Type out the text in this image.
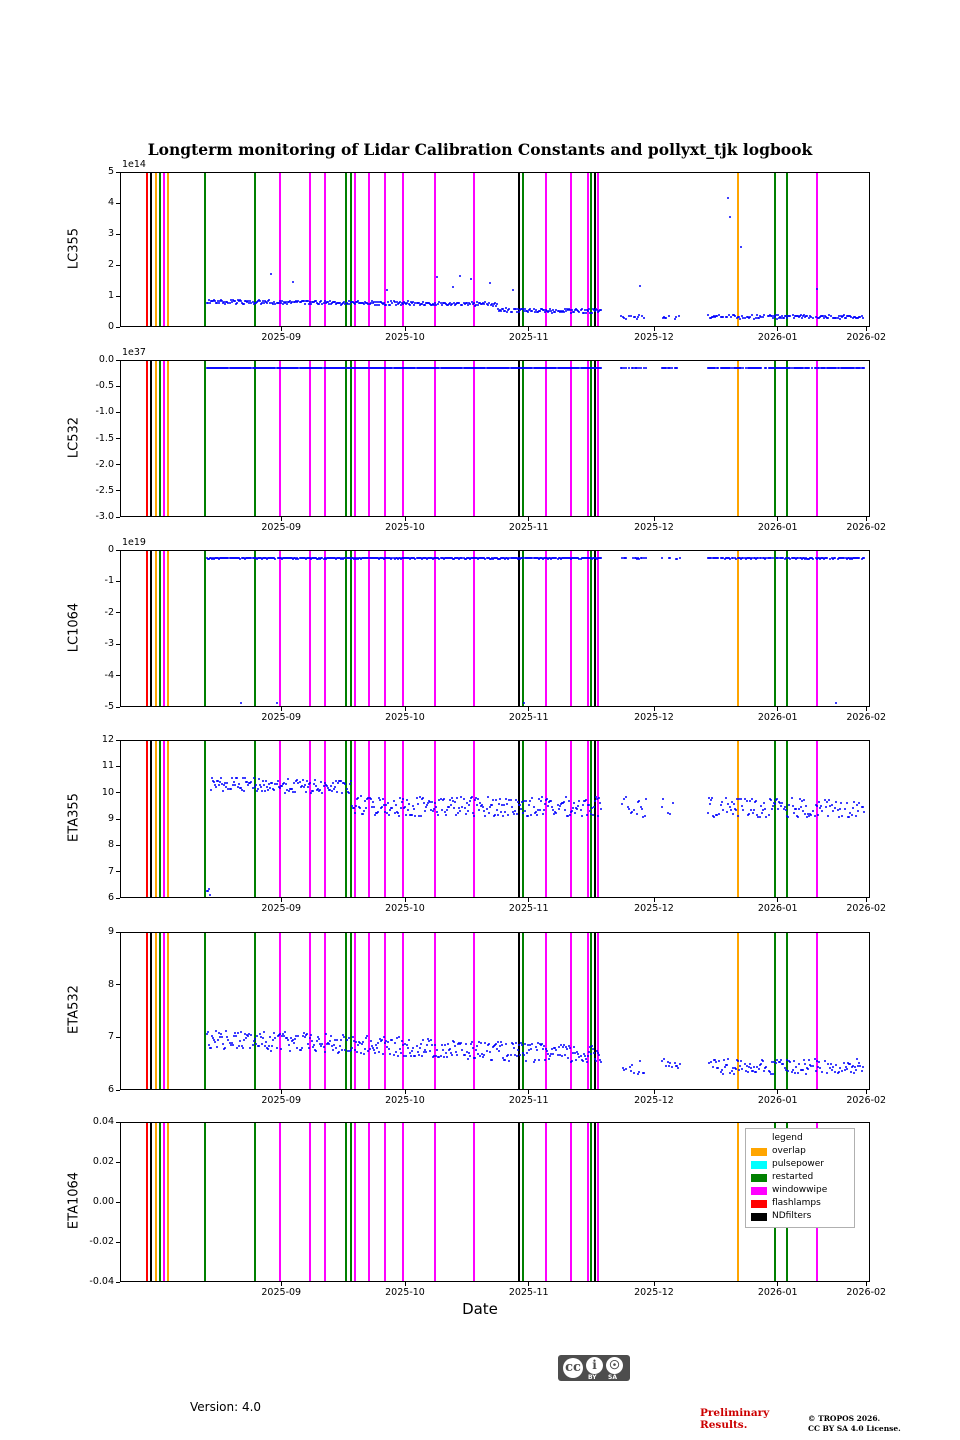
Longterm monitoring of Lidar Calibration Constants and pollyxt_tjk logbook
LC355
1e14
0
1
2
3
4
5
2025-09	2025-10	2025-11	2025-12	2026-01	2026-02
LC532
1e37
-3.0
-2.5
-2.0
-1.5
-1.0
-0.5
0.0
2025-09	2025-10	2025-11	2025-12	2026-01	2026-02
LC1064
1e19
-5
-4
-3
-2
-1
0
2025-09	2025-10	2025-11	2025-12	2026-01	2026-02
ETA355
6
7
8
9
10
11
12
2025-09	2025-10	2025-11	2025-12	2026-01	2026-02
ETA532
6
7
8
9
2025-09	2025-10	2025-11	2025-12	2026-01	2026-02
ETA1064
-0.04
-0.02
0.00
0.02
0.04
2025-09	2025-10	2025-11	2025-12	2026-01	2026-02
Date
legend
overlap
pulsepower
restarted
windowwipe
flashlamps
NDfilters
Version: 4.0
cc i	☉
BY SA
Preliminary
Results.
© TROPOS 2026.
CC BY SA 4.0 License.
